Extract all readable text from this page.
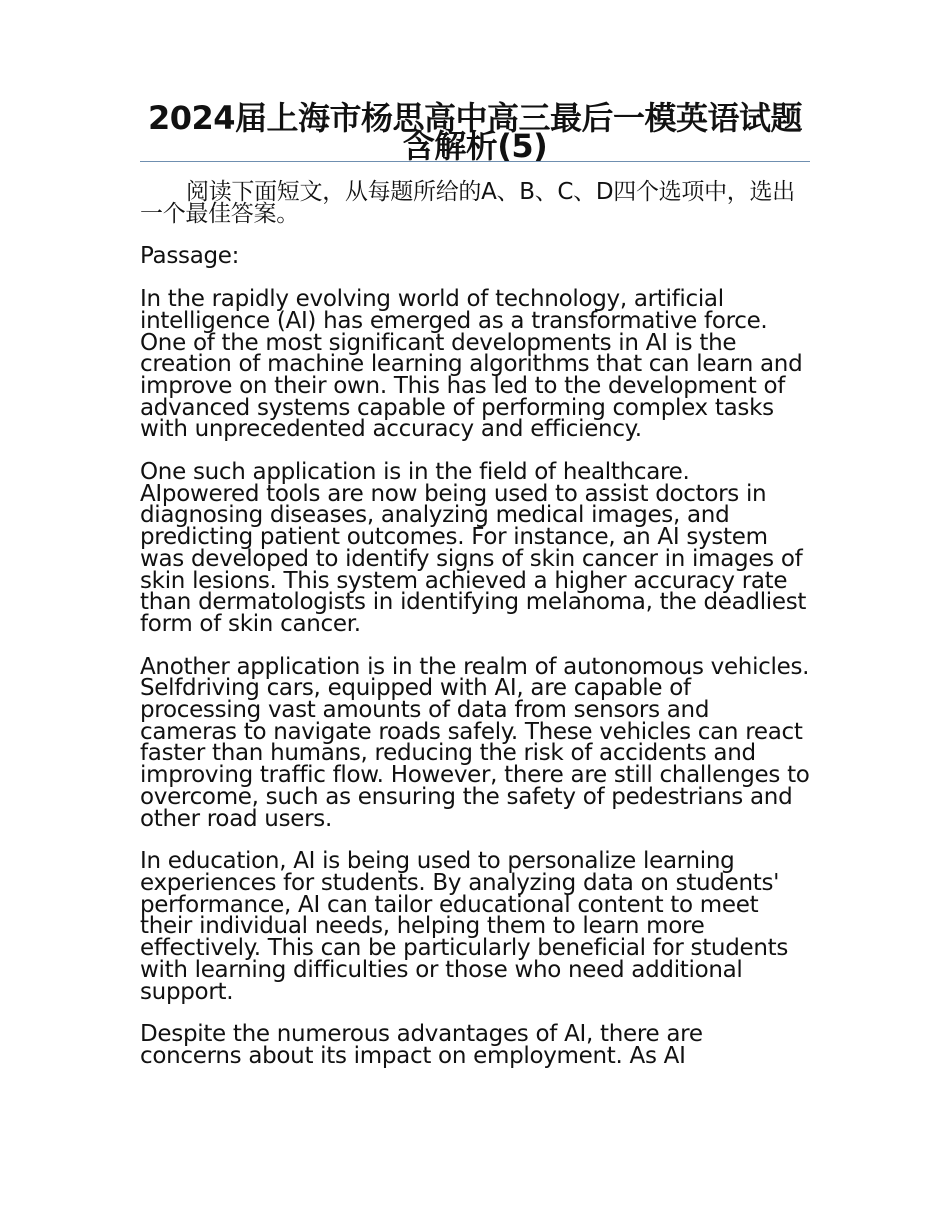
2024届上海市杨思高中高三最后一模英语试题含解析(5)

阅读下面短文，从每题所给的A、B、C、D四个选项中，选出一个最佳答案。

Passage:

In the rapidly evolving world of technology, artificial intelligence (AI) has emerged as a transformative force. One of the most significant developments in AI is the creation of machine learning algorithms that can learn and improve on their own. This has led to the development of advanced systems capable of performing complex tasks with unprecedented accuracy and efficiency.

One such application is in the field of healthcare. AIpowered tools are now being used to assist doctors in diagnosing diseases, analyzing medical images, and predicting patient outcomes. For instance, an AI system was developed to identify signs of skin cancer in images of skin lesions. This system achieved a higher accuracy rate than dermatologists in identifying melanoma, the deadliest form of skin cancer.

Another application is in the realm of autonomous vehicles. Selfdriving cars, equipped with AI, are capable of processing vast amounts of data from sensors and cameras to navigate roads safely. These vehicles can react faster than humans, reducing the risk of accidents and improving traffic flow. However, there are still challenges to overcome, such as ensuring the safety of pedestrians and other road users.

In education, AI is being used to personalize learning experiences for students. By analyzing data on students' performance, AI can tailor educational content to meet their individual needs, helping them to learn more effectively. This can be particularly beneficial for students with learning difficulties or those who need additional support.

Despite the numerous advantages of AI, there are concerns about its impact on employment. As AI
